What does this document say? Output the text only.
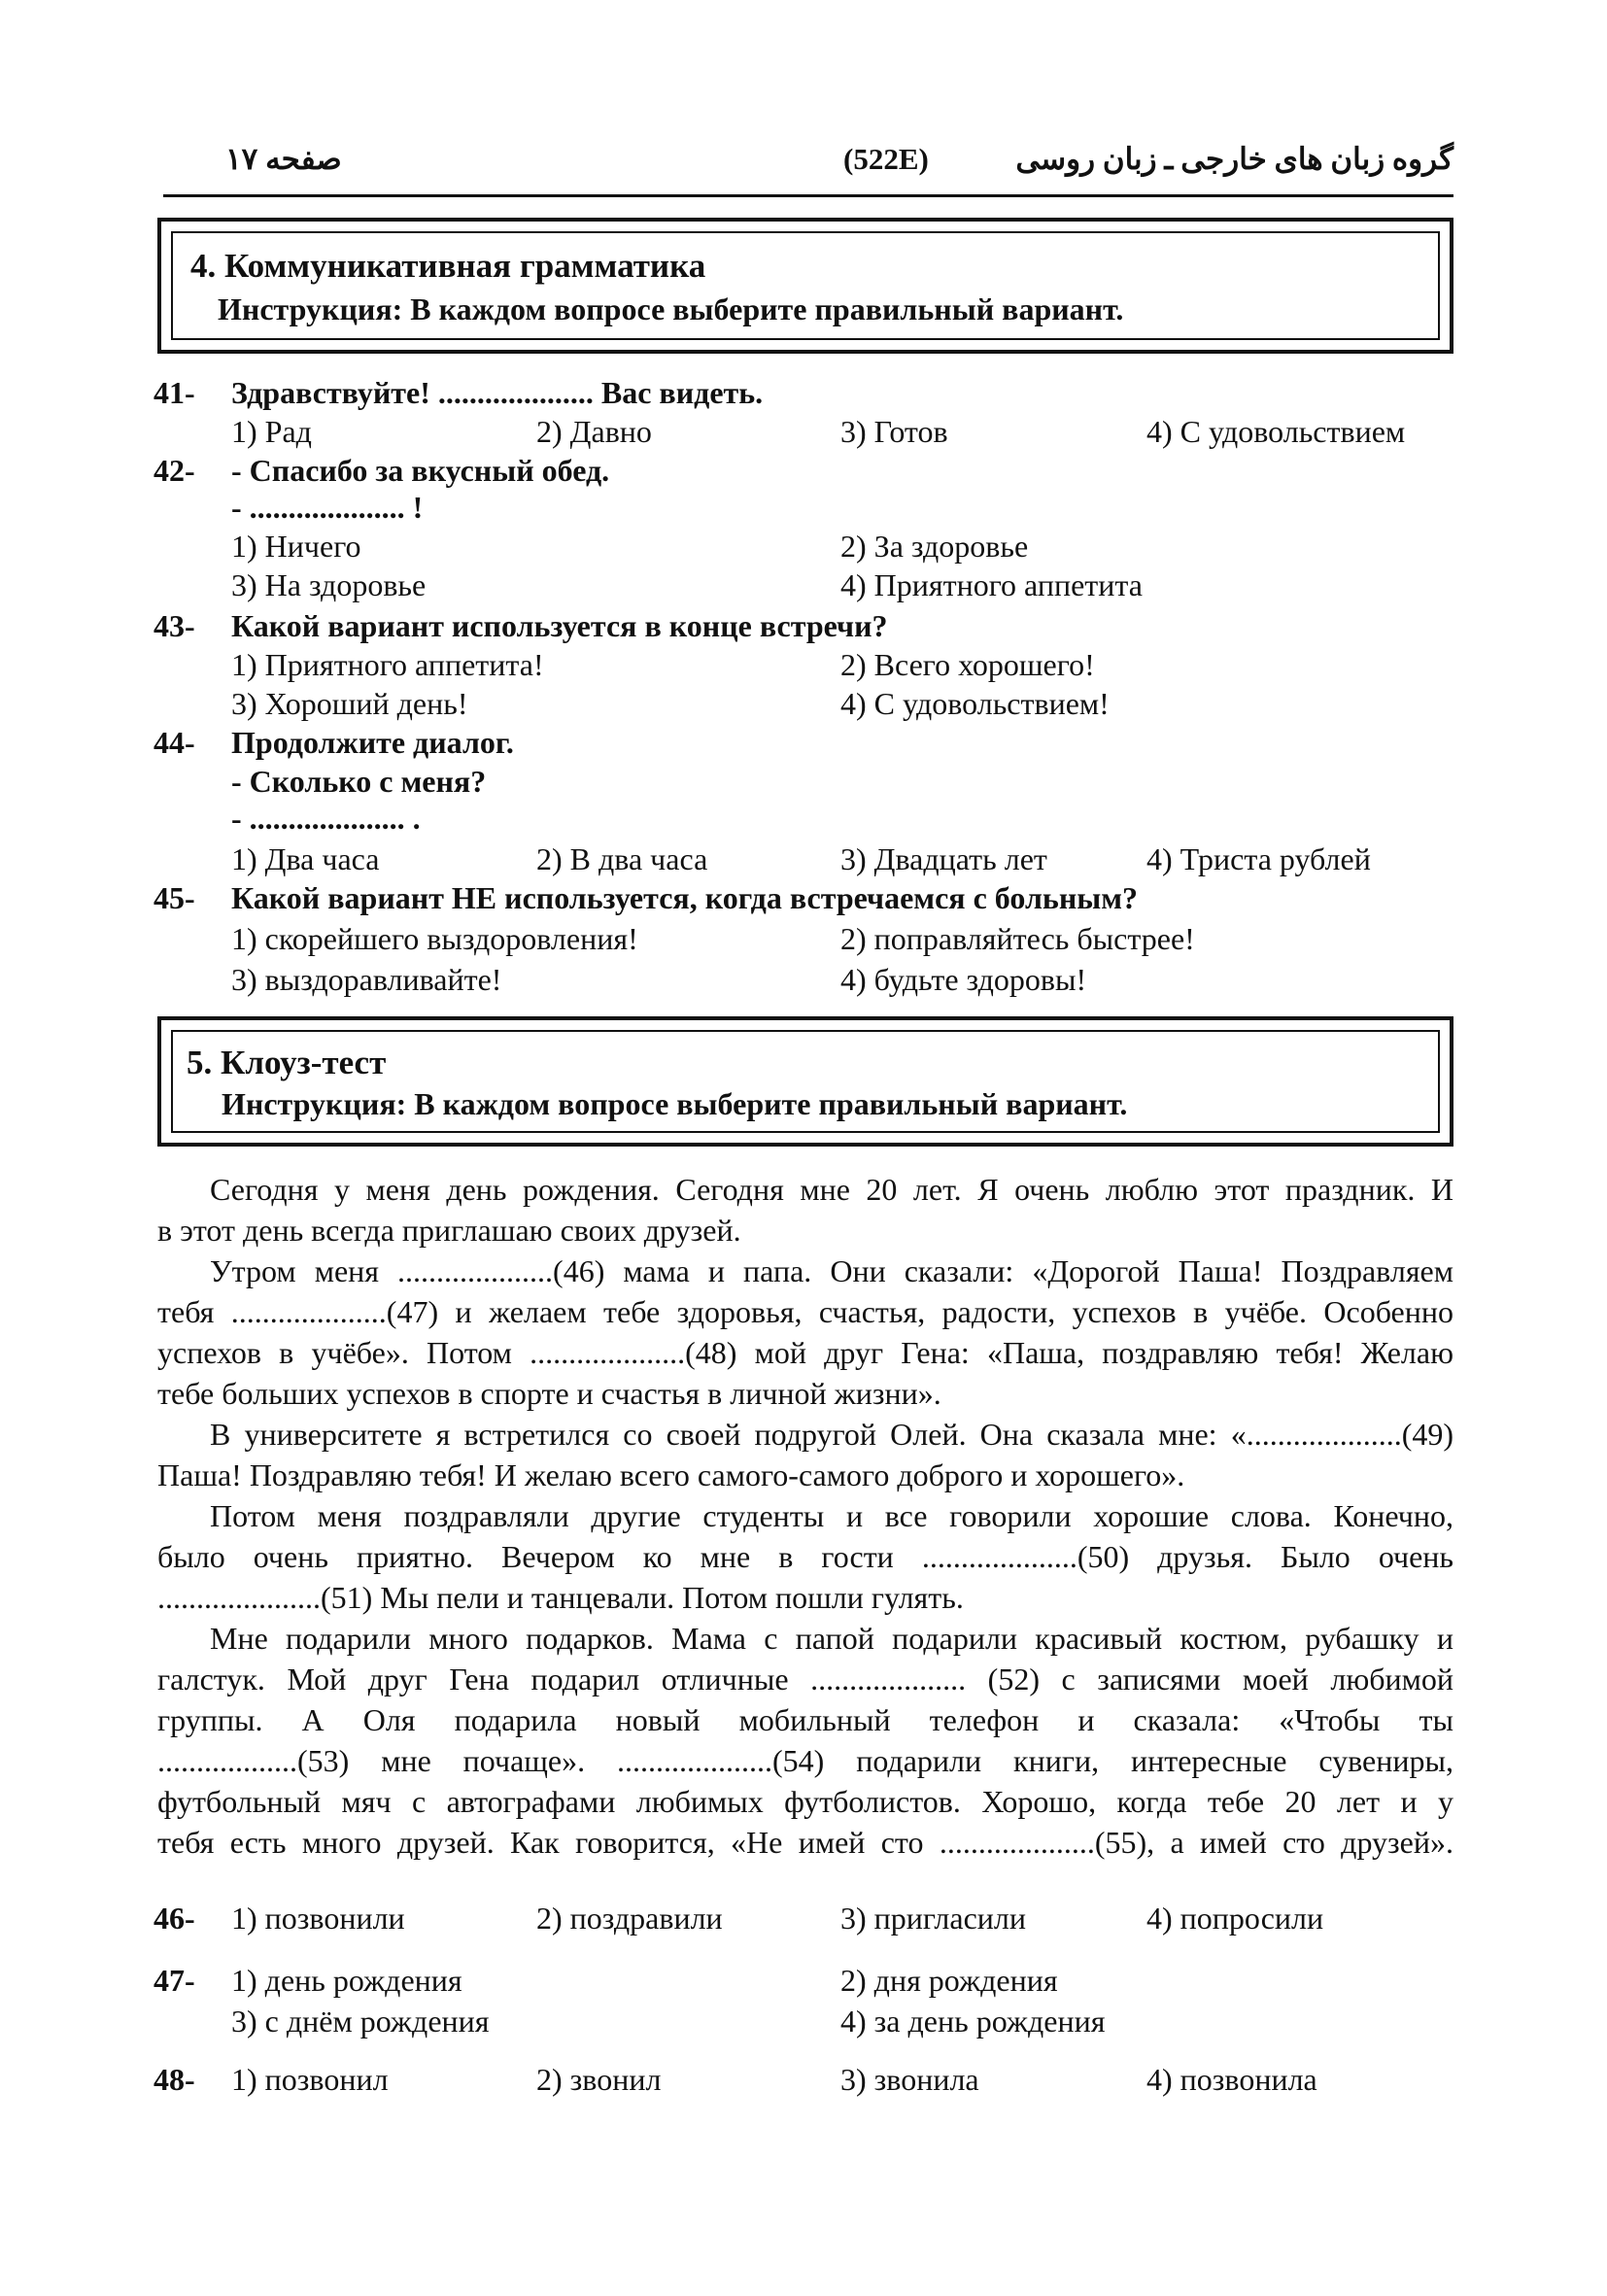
گروه زبان های خارجی ـ زبان روسی
(522E)
صفحه ۱۷
4. Коммуникативная грамматика
Инструкция: В каждом вопросе выберите правильный вариант.
41- Здравствуйте! .................... Вас видеть.
1) Рад	2) Давно	3) Готов	4) С удовольствием
42- - Спасибо за вкусный обед.
- .................... !
1) Ничего	2) За здоровье
3) На здоровье	4) Приятного аппетита
43- Какой вариант используется в конце встречи?
1) Приятного аппетита!	2) Всего хорошего!
3) Хороший день!	4) С удовольствием!
44- Продолжите диалог.
- Сколько с меня?
- .................... .
1) Два часа	2) В два часа	3) Двадцать лет	4) Триста рублей
45- Какой вариант НЕ используется, когда встречаемся с больным?
1) скорейшего выздоровления!	2) поправляйтесь быстрее!
3) выздоравливайте!	4) будьте здоровы!
5. Клоуз-тест
Инструкция: В каждом вопросе выберите правильный вариант.
Сегодня у меня день рождения. Сегодня мне 20 лет. Я очень люблю этот праздник. И
в этот день всегда приглашаю своих друзей.
Утром меня ....................(46) мама и папа. Они сказали: «Дорогой Паша! Поздравляем
тебя ....................(47) и желаем тебе здоровья, счастья, радости, успехов в учёбе. Особенно
успехов в учёбе». Потом ....................(48) мой друг Гена: «Паша, поздравляю тебя! Желаю
тебе больших успехов в спорте и счастья в личной жизни».
В университете я встретился со своей подругой Олей. Она сказала мне: «....................(49)
Паша! Поздравляю тебя! И желаю всего самого-самого доброго и хорошего».
Потом меня поздравляли другие студенты и все говорили хорошие слова. Конечно,
было очень приятно. Вечером ко мне в гости ....................(50) друзья. Было очень
.....................(51) Мы пели и танцевали. Потом пошли гулять.
Мне подарили много подарков. Мама с папой подарили красивый костюм, рубашку и
галстук. Мой друг Гена подарил отличные .................... (52) с записями моей любимой
группы. А Оля подарила новый мобильный телефон и сказала: «Чтобы ты
..................(53) мне почаще». ....................(54) подарили книги, интересные сувениры,
футбольный мяч с автографами любимых футболистов. Хорошо, когда тебе 20 лет и у
тебя есть много друзей. Как говорится, «Не имей сто ....................(55), а имей сто друзей».
46- 1) позвонили	2) поздравили	3) пригласили	4) попросили
47- 1) день рождения	2) дня рождения
3) с днём рождения	4) за день рождения
48- 1) позвонил	2) звонил	3) звонила	4) позвонила
